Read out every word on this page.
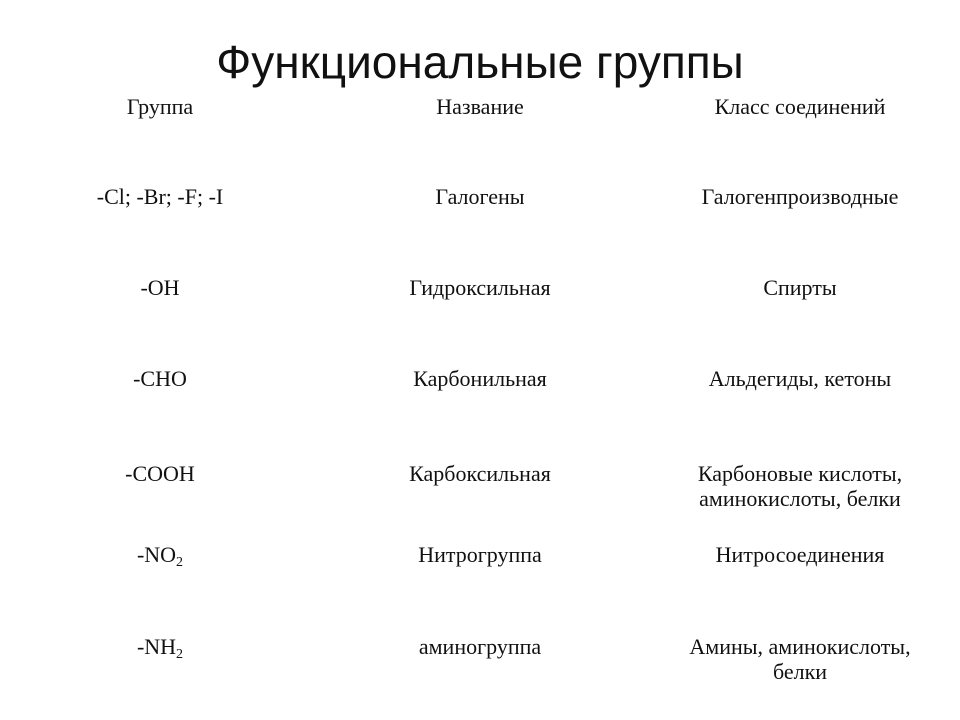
Функциональные группы
Группа	Название	Класс соединений
-Cl; -Br; -F; -I	Галогены	Галогенпроизводные
-OH	Гидроксильная	Спирты
-CHO	Карбонильная	Альдегиды, кетоны
-COOH	Карбоксильная	Карбоновые кислоты,
аминокислоты, белки
$-NO_2$	Нитрогруппа	Нитросоединения
$-NH_2$	аминогруппа	Амины, аминокислоты,
белки
